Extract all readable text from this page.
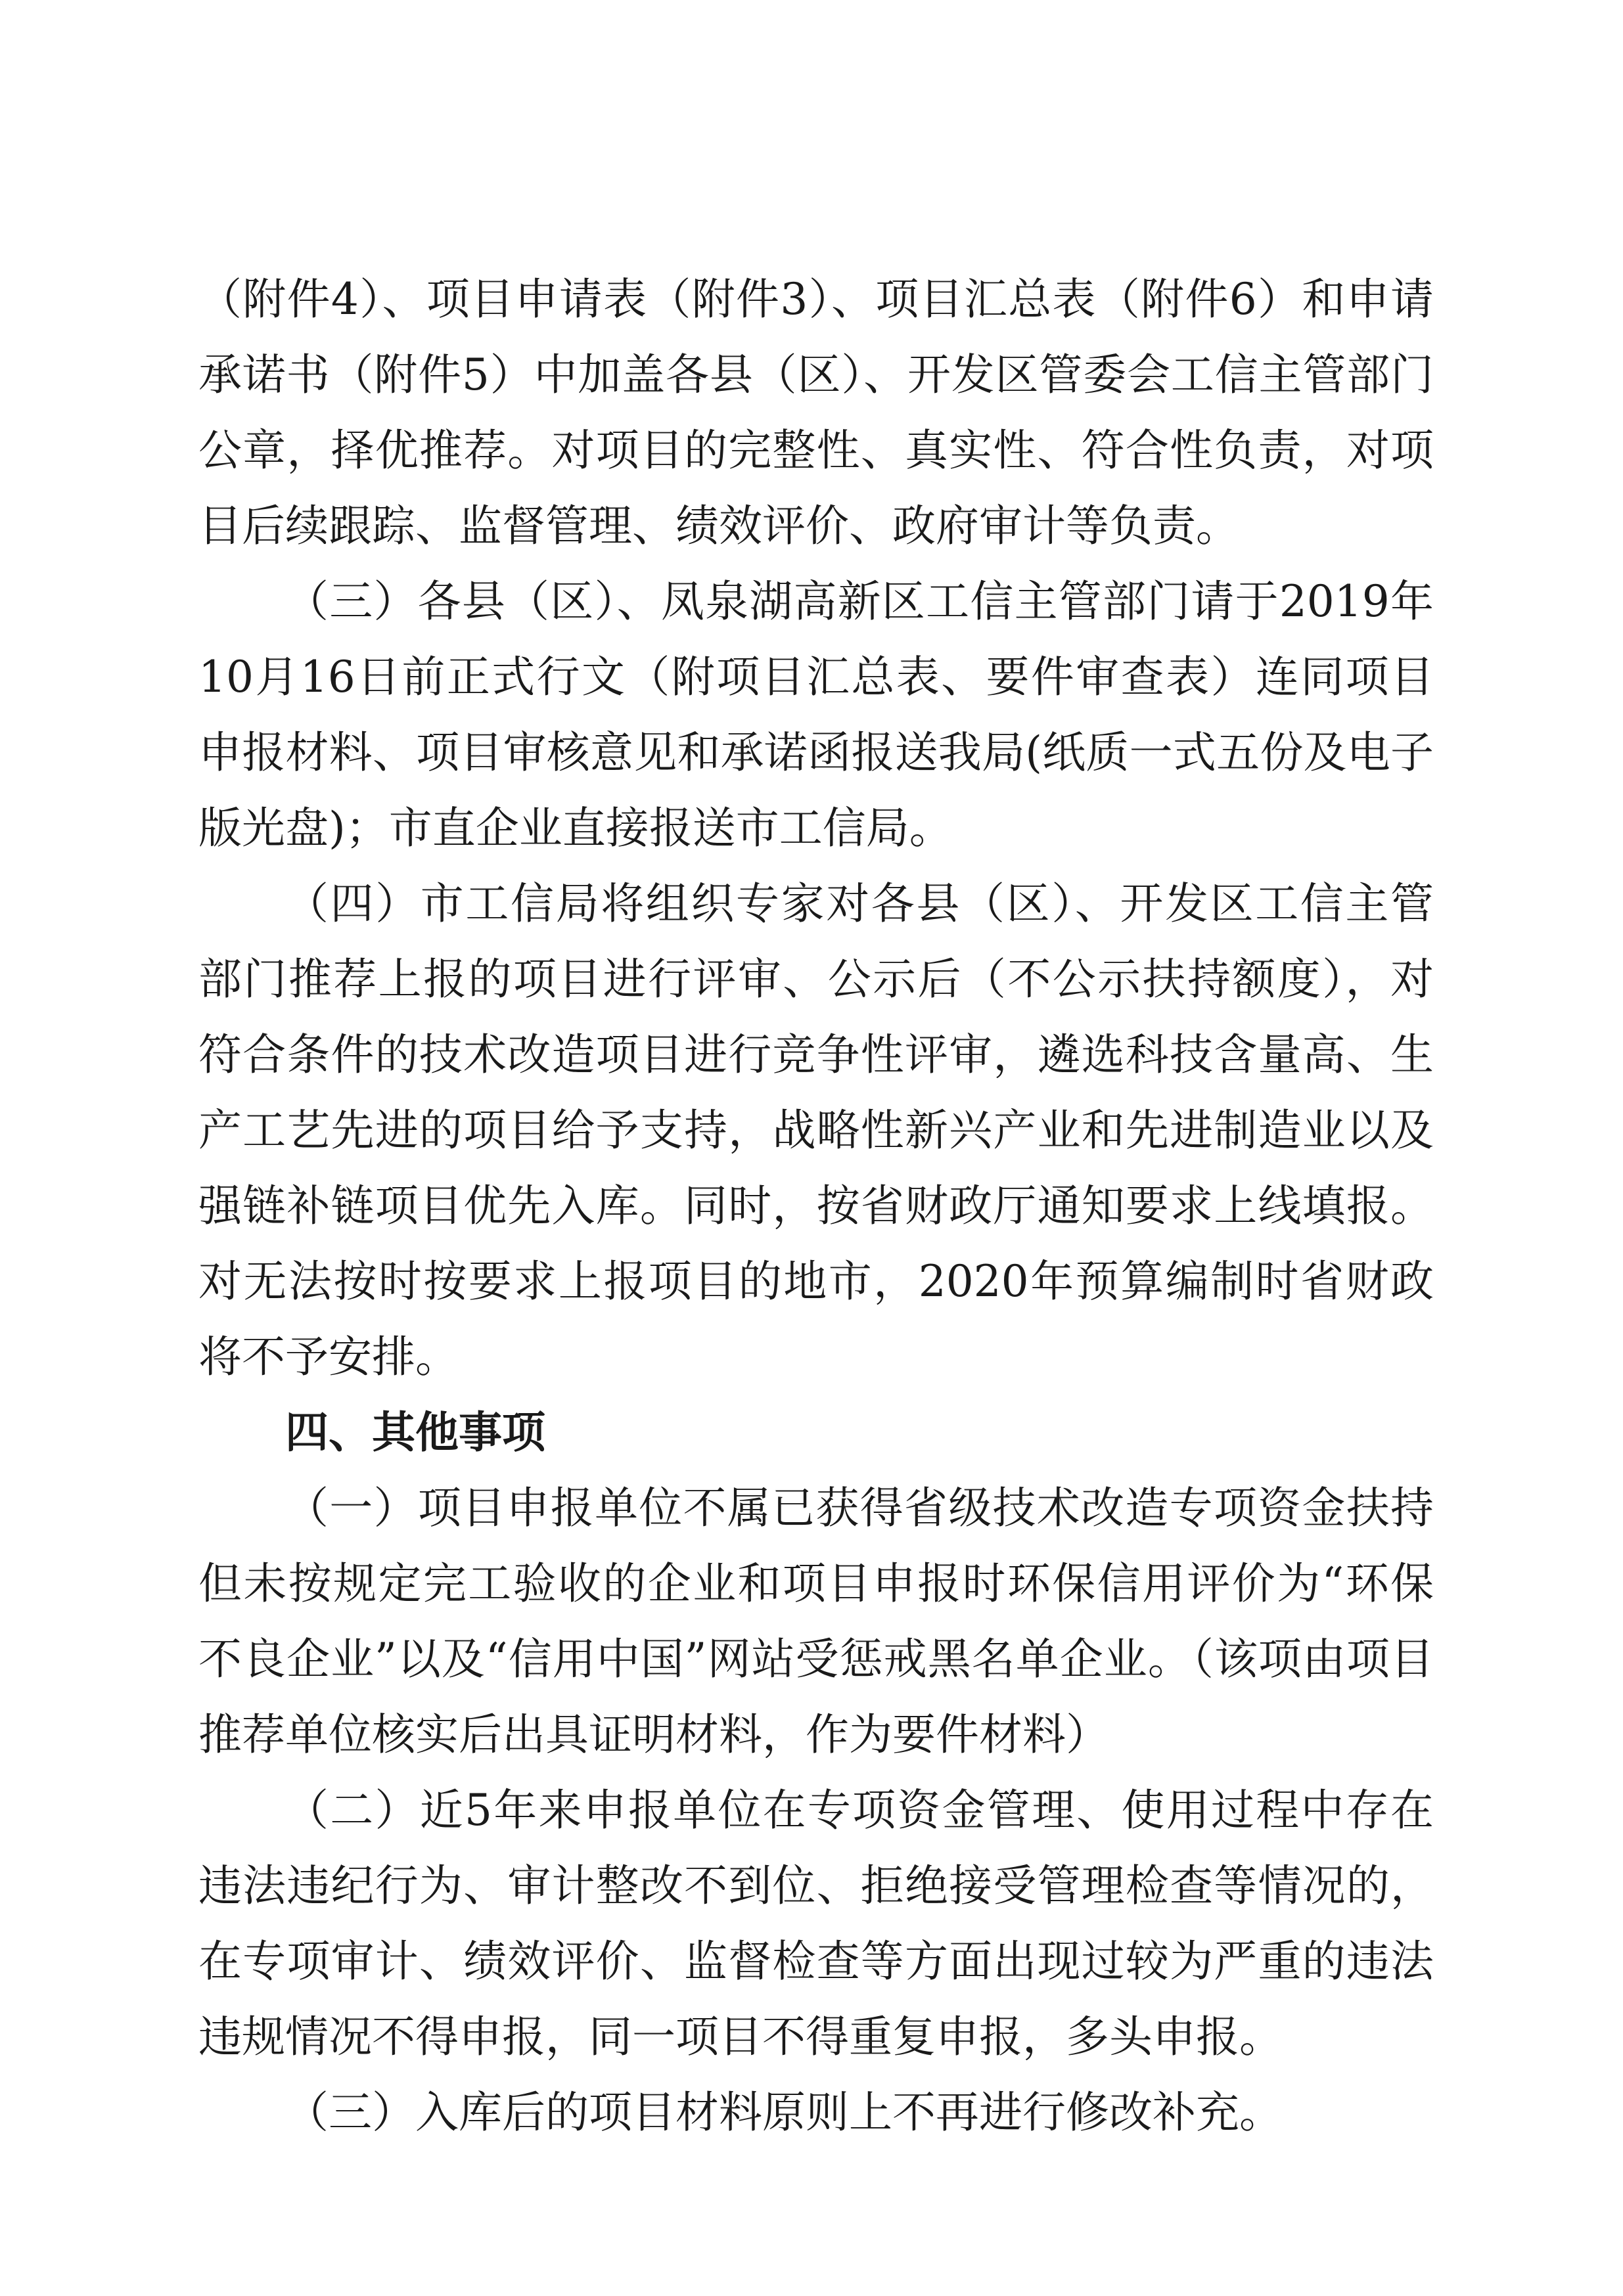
（附件4）、项目申请表（附件3）、项目汇总表（附件6）和申请承诺书（附件5）中加盖各县（区）、开发区管委会工信主管部门公章，择优推荐。对项目的完整性、真实性、符合性负责，对项目后续跟踪、监督管理、绩效评价、政府审计等负责。

（三）各县（区）、凤泉湖高新区工信主管部门请于2019年10月16日前正式行文（附项目汇总表、要件审查表）连同项目申报材料、项目审核意见和承诺函报送我局(纸质一式五份及电子版光盘)；市直企业直接报送市工信局。

（四）市工信局将组织专家对各县（区）、开发区工信主管部门推荐上报的项目进行评审、公示后（不公示扶持额度），对符合条件的技术改造项目进行竞争性评审，遴选科技含量高、生产工艺先进的项目给予支持，战略性新兴产业和先进制造业以及强链补链项目优先入库。同时，按省财政厅通知要求上线填报。对无法按时按要求上报项目的地市，2020年预算编制时省财政将不予安排。

四、其他事项

（一）项目申报单位不属已获得省级技术改造专项资金扶持但未按规定完工验收的企业和项目申报时环保信用评价为“环保不良企业”以及“信用中国”网站受惩戒黑名单企业。（该项由项目推荐单位核实后出具证明材料，作为要件材料）

（二）近5年来申报单位在专项资金管理、使用过程中存在违法违纪行为、审计整改不到位、拒绝接受管理检查等情况的，在专项审计、绩效评价、监督检查等方面出现过较为严重的违法违规情况不得申报，同一项目不得重复申报，多头申报。

（三）入库后的项目材料原则上不再进行修改补充。
